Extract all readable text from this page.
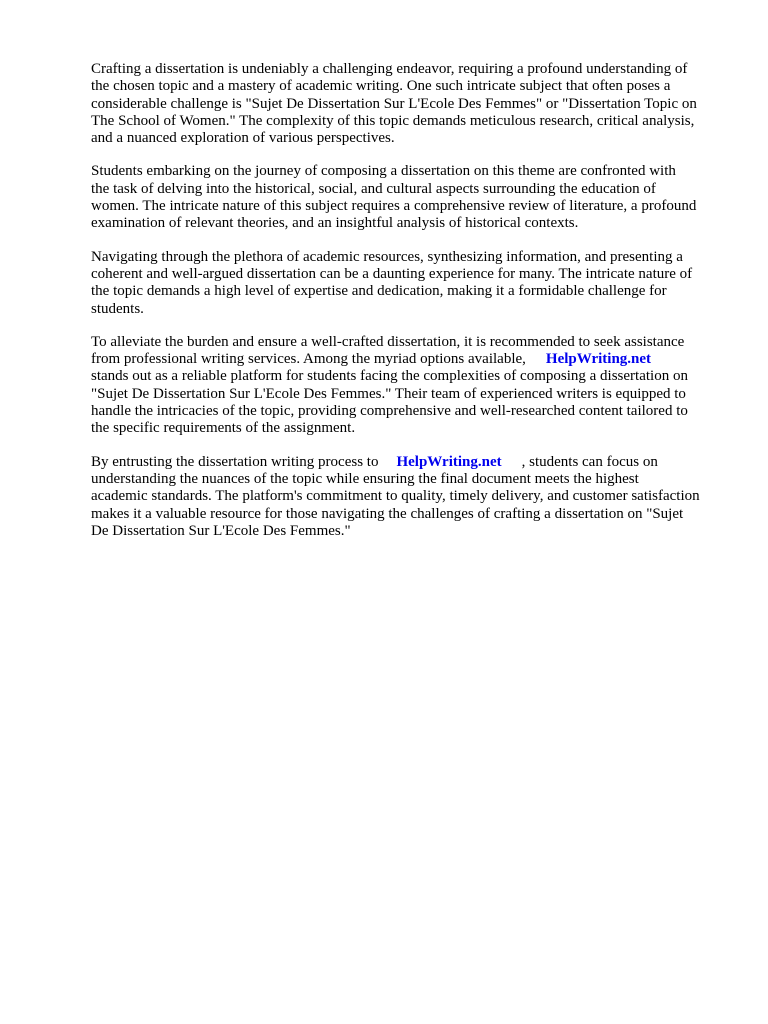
Crafting a dissertation is undeniably a challenging endeavor, requiring a profound understanding of
the chosen topic and a mastery of academic writing. One such intricate subject that often poses a
considerable challenge is "Sujet De Dissertation Sur L'Ecole Des Femmes" or "Dissertation Topic on
The School of Women." The complexity of this topic demands meticulous research, critical analysis,
and a nuanced exploration of various perspectives.

Students embarking on the journey of composing a dissertation on this theme are confronted with
the task of delving into the historical, social, and cultural aspects surrounding the education of
women. The intricate nature of this subject requires a comprehensive review of literature, a profound
examination of relevant theories, and an insightful analysis of historical contexts.

Navigating through the plethora of academic resources, synthesizing information, and presenting a
coherent and well-argued dissertation can be a daunting experience for many. The intricate nature of
the topic demands a high level of expertise and dedication, making it a formidable challenge for
students.

To alleviate the burden and ensure a well-crafted dissertation, it is recommended to seek assistance
from professional writing services. Among the myriad options available, HelpWriting.net
stands out as a reliable platform for students facing the complexities of composing a dissertation on
"Sujet De Dissertation Sur L'Ecole Des Femmes." Their team of experienced writers is equipped to
handle the intricacies of the topic, providing comprehensive and well-researched content tailored to
the specific requirements of the assignment.

By entrusting the dissertation writing process to HelpWriting.net , students can focus on
understanding the nuances of the topic while ensuring the final document meets the highest
academic standards. The platform's commitment to quality, timely delivery, and customer satisfaction
makes it a valuable resource for those navigating the challenges of crafting a dissertation on "Sujet
De Dissertation Sur L'Ecole Des Femmes."
